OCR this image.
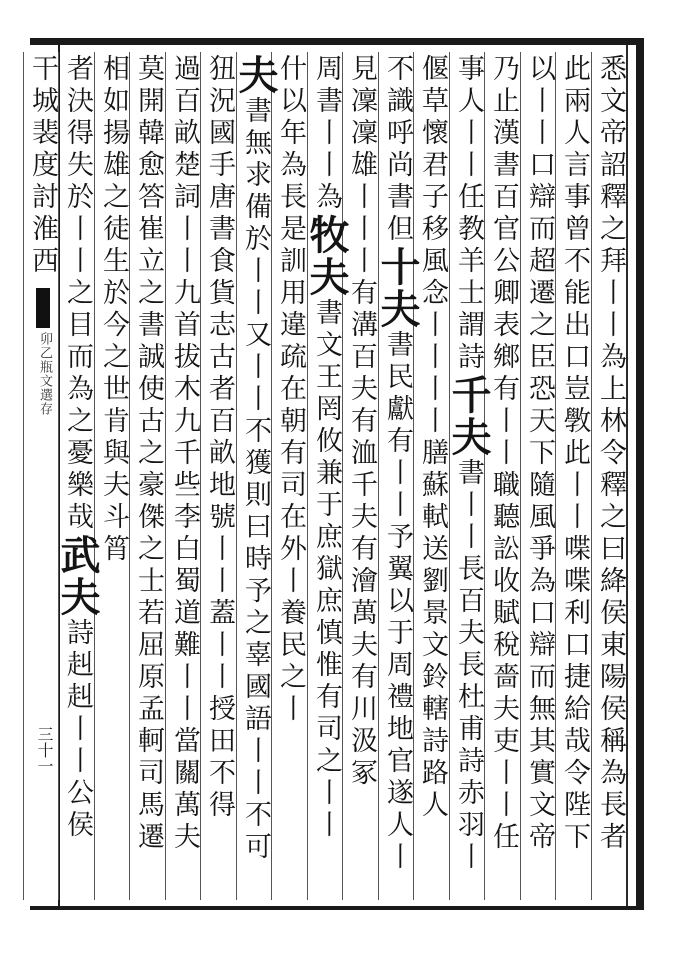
卯乙瓶文選存
三十一	悉文帝詔釋之拜丨丨為上林令釋之曰絳侯東陽侯稱為長者
此兩人言事曾不能出口豈斆此丨丨喋喋利口捷給哉令陛下
以丨丨口辯而超遷之臣恐天下隨風爭為口辯而無其實文帝
乃止漢書百官公卿表鄉有丨丨職聽訟收賦稅嗇夫吏丨丨任
事人丨丨任教羊士謂詩千夫書丨丨長百夫長杜甫詩赤羽丨
偃草懷君子移風念丨丨丨丨膳蘇軾送劉景文鈴轄詩路人
不識呼尚書但十夫書民獻有丨丨予翼以于周禮地官遂人丨
見凜凜雄丨丨丨有溝百夫有洫千夫有澮萬夫有川汲冢
周書丨丨為牧夫書文王罔攸兼于庶獄庶慎惟有司之丨丨
什以年為長是訓用違疏在朝有司在外丨養民之丨
夫書無求備於丨丨又丨丨不獲則曰時予之辜國語丨丨不可
狃況國手唐書食貨志古者百畝地號丨丨蓋丨丨授田不得
過百畝楚詞丨丨九首拔木九千些李白蜀道難丨丨當關萬夫
莫開韓愈答崔立之書誠使古之豪傑之士若屈原孟軻司馬遷
相如揚雄之徒生於今之世肯與夫斗筲
者決得失於丨丨之目而為之憂樂哉武夫詩赳赳丨丨公侯
干城裴度討淮西
